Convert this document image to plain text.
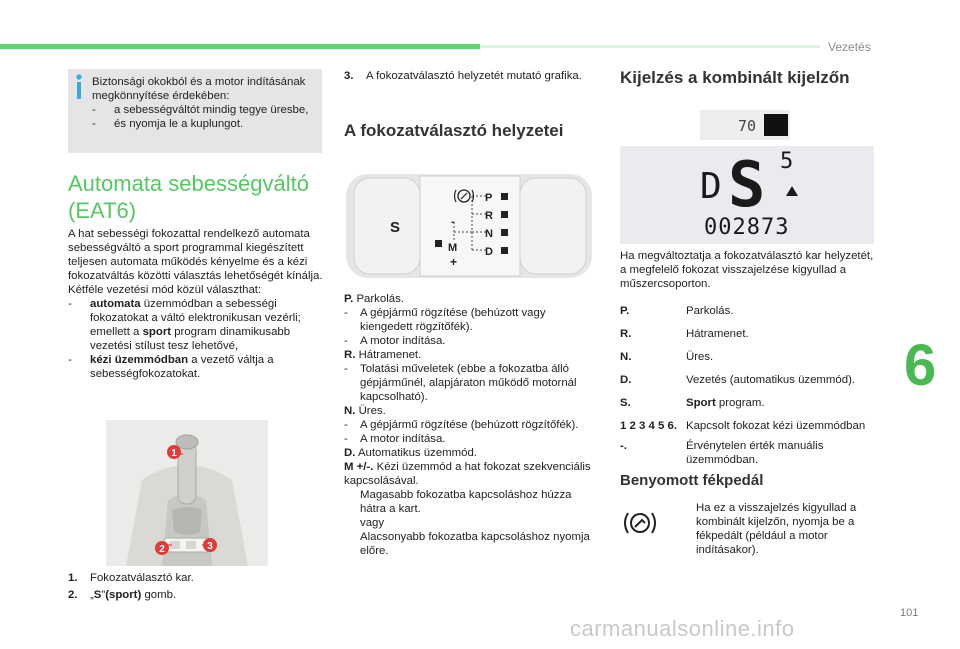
Vezetés
6
101
carmanualsonline.info
Biztonsági okokból és a motor indításának megkönnyítése érdekében:
-	a sebességváltót mindig tegye üresbe,
-	és nyomja le a kuplungot.
Automata sebességváltó (EAT6)

A hat sebességi fokozattal rendelkező automata sebességváltó a sport programmal kiegészített teljesen automata működés kényelme és a kézi fokozatváltás közötti választás lehetőségét kínálja.

Kétféle vezetési mód közül választhat:

-	automata üzemmódban a sebességi fokozatokat a váltó elektronikusan vezérli; emellett a sport program dinamikusabb vezetési stílust tesz lehetővé,
-	kézi üzemmódban a vezető váltja a sebességfokozatokat.
1
2	3
1.	Fokozatválasztó kar.
2.	„ S ” (sport) gomb.
3.	A fokozatválasztó helyzetét mutató grafika.
A fokozatválasztó helyzetei
S
P
R
N
D
-
M
+
P. Parkolás.
-	A gépjármű rögzítése (behúzott vagy kiengedett rögzítőfék).
-	A motor indítása.
R. Hátramenet.
-	Tolatási műveletek (ebbe a fokozatba álló gépjárműnél, alapjáraton működő motornál kapcsolható).
N. Üres.
-	A gépjármű rögzítése (behúzott rögzítőfék).
-	A motor indítása.
D. Automatikus üzemmód.
M +/-. Kézi üzemmód a hat fokozat szekvenciális kapcsolásával.
Magasabb fokozatba kapcsoláshoz húzza hátra a kart.
vagy
Alacsonyabb fokozatba kapcsoláshoz nyomja előre.
Kijelzés a kombinált kijelzőn
70
D S 5
002873
Ha megváltoztatja a fokozatválasztó kar helyzetét, a megfelelő fokozat visszajelzése kigyullad a műszercsoporton.
P.	Parkolás.
R.	Hátramenet.
N.	Üres.
D.	Vezetés (automatikus üzemmód).
S.	Sport program.
1 2 3 4 5 6. Kapcsolt fokozat kézi üzemmódban
-.	Érvénytelen érték manuális üzemmódban.
Benyomott fékpedál
Ha ez a visszajelzés kigyullad a kombinált kijelzőn, nyomja be a fékpedált (például a motor indításakor).
